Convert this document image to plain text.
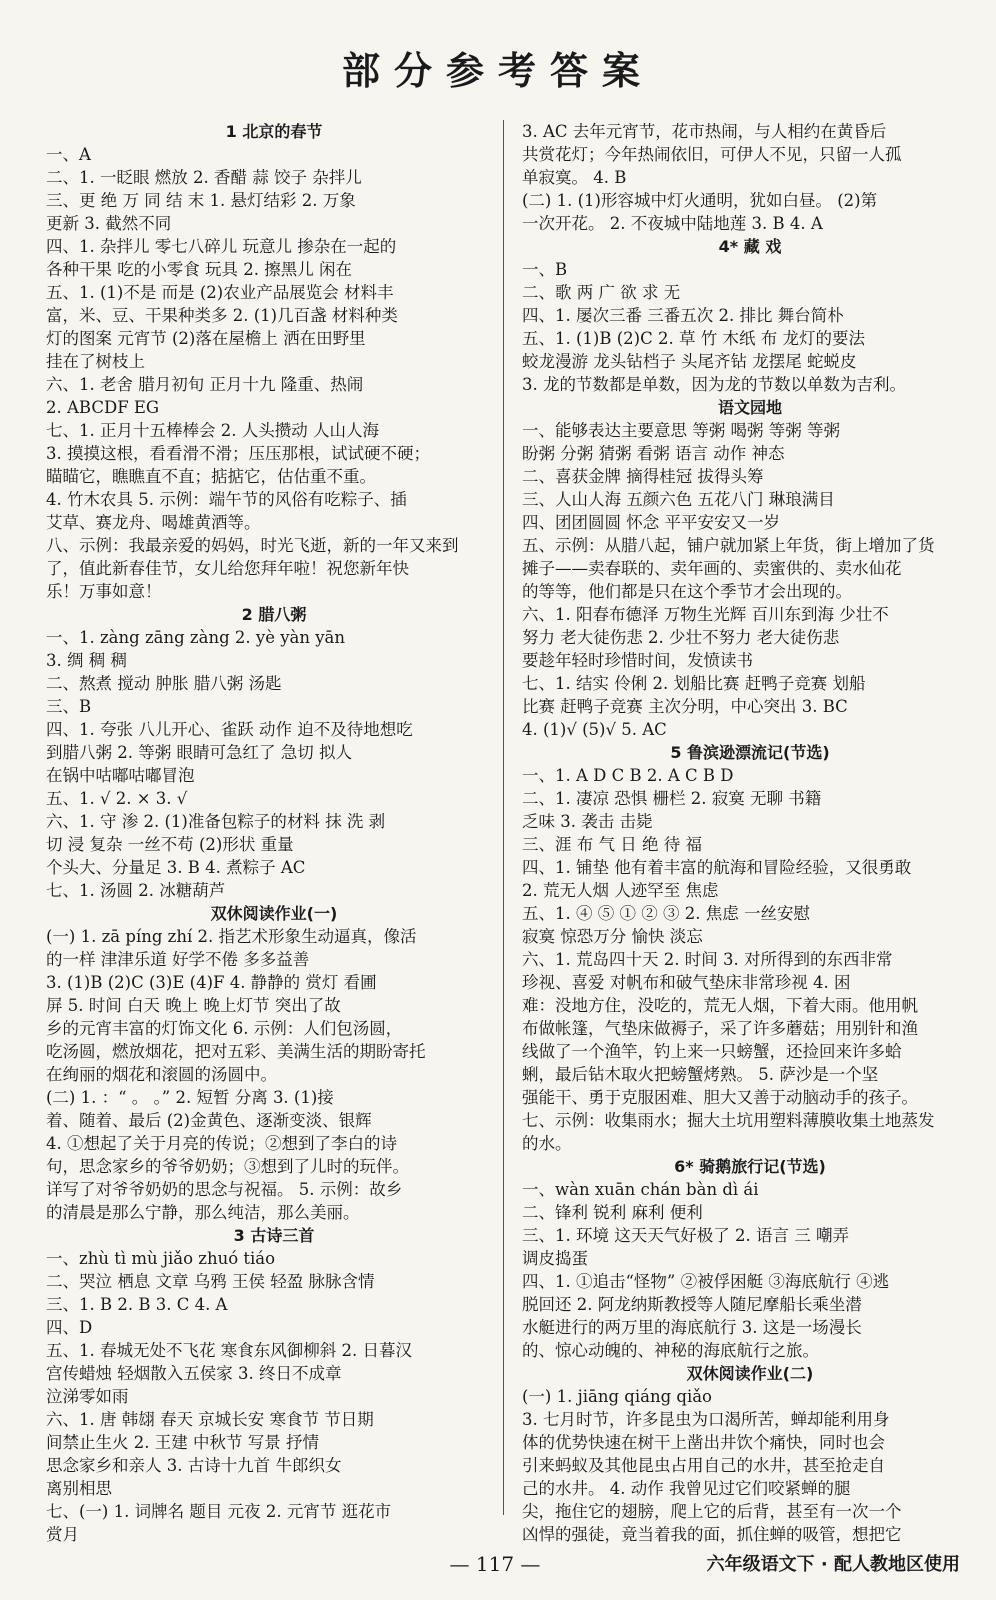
部分参考答案
1 北京的春节
一、A
二、1. 一眨眼 燃放 2. 香醋 蒜 饺子 杂拌儿
三、更 绝 万 同 结 末 1. 悬灯结彩 2. 万象
更新 3. 截然不同
四、1. 杂拌儿 零七八碎儿 玩意儿 掺杂在一起的
各种干果 吃的小零食 玩具 2. 擦黑儿 闲在
五、1. (1)不是 而是 (2)农业产品展览会 材料丰
富，米、豆、干果种类多 2. (1)几百盏 材料种类
灯的图案 元宵节 (2)落在屋檐上 洒在田野里
挂在了树枝上
六、1. 老舍 腊月初旬 正月十九 隆重、热闹
2. ABCDF EG
七、1. 正月十五棒棒会 2. 人头攒动 人山人海
3. 摸摸这根，看看滑不滑；压压那根，试试硬不硬；
瞄瞄它，瞧瞧直不直；掂掂它，估估重不重。
4. 竹木农具 5. 示例：端午节的风俗有吃粽子、插
艾草、赛龙舟、喝雄黄酒等。
八、示例：我最亲爱的妈妈，时光飞逝，新的一年又来到
了，值此新春佳节，女儿给您拜年啦！祝您新年快
乐！万事如意！
2 腊八粥
一、1. zàng zāng zàng 2. yè yàn yān
3. 绸 稠 稠
二、熬煮 搅动 肿胀 腊八粥 汤匙
三、B
四、1. 夸张 八儿开心、雀跃 动作 迫不及待地想吃
到腊八粥 2. 等粥 眼睛可急红了 急切 拟人
在锅中咕嘟咕嘟冒泡
五、1. √ 2. × 3. √
六、1. 守 渗 2. (1)准备包粽子的材料 抹 洗 剥
切 浸 复杂 一丝不苟 (2)形状 重量
个头大、分量足 3. B 4. 煮粽子 AC
七、1. 汤圆 2. 冰糖葫芦
双休阅读作业(一)
(一) 1. zā píng zhí 2. 指艺术形象生动逼真，像活
的一样 津津乐道 好学不倦 多多益善
3. (1)B (2)C (3)E (4)F 4. 静静的 赏灯 看圃
屏 5. 时间 白天 晚上 晚上灯节 突出了故
乡的元宵丰富的灯饰文化 6. 示例：人们包汤圆，
吃汤圆，燃放烟花，把对五彩、美满生活的期盼寄托
在绚丽的烟花和滚圆的汤圆中。
(二) 1. ：“ 。 。” 2. 短暂 分离 3. (1)接
着、随着、最后 (2)金黄色、逐渐变淡、银辉
4. ①想起了关于月亮的传说；②想到了李白的诗
句，思念家乡的爷爷奶奶；③想到了儿时的玩伴。
详写了对爷爷奶奶的思念与祝福。 5. 示例：故乡
的清晨是那么宁静，那么纯洁，那么美丽。
3 古诗三首
一、zhù tì mù jiǎo zhuó tiáo
二、哭泣 栖息 文章 乌鸦 王侯 轻盈 脉脉含情
三、1. B 2. B 3. C 4. A
四、D
五、1. 春城无处不飞花 寒食东风御柳斜 2. 日暮汉
宫传蜡烛 轻烟散入五侯家 3. 终日不成章
泣涕零如雨
六、1. 唐 韩翃 春天 京城长安 寒食节 节日期
间禁止生火 2. 王建 中秋节 写景 抒情
思念家乡和亲人 3. 古诗十九首 牛郎织女
离别相思
七、(一) 1. 词牌名 题目 元夜 2. 元宵节 逛花市
赏月
3. AC 去年元宵节，花市热闹，与人相约在黄昏后
共赏花灯；今年热闹依旧，可伊人不见，只留一人孤
单寂寞。 4. B
(二) 1. (1)形容城中灯火通明，犹如白昼。 (2)第
一次开花。 2. 不夜城中陆地莲 3. B 4. A
4* 藏 戏
一、B
二、歌 两 广 欲 求 无
四、1. 屡次三番 三番五次 2. 排比 舞台简朴
五、1. (1)B (2)C 2. 草 竹 木纸 布 龙灯的要法
蛟龙漫游 龙头钻档子 头尾齐钻 龙摆尾 蛇蜕皮
3. 龙的节数都是单数，因为龙的节数以单数为吉利。
语文园地
一、能够表达主要意思 等粥 喝粥 等粥 等粥
盼粥 分粥 猜粥 看粥 语言 动作 神态
二、喜获金牌 摘得桂冠 拔得头筹
三、人山人海 五颜六色 五花八门 琳琅满目
四、团团圆圆 怀念 平平安安又一岁
五、示例：从腊八起，铺户就加紧上年货，街上增加了货
摊子——卖春联的、卖年画的、卖蜜供的、卖水仙花
的等等，他们都是只在这个季节才会出现的。
六、1. 阳春布德泽 万物生光辉 百川东到海 少壮不
努力 老大徒伤悲 2. 少壮不努力 老大徒伤悲
要趁年轻时珍惜时间，发愤读书
七、1. 结实 伶俐 2. 划船比赛 赶鸭子竞赛 划船
比赛 赶鸭子竞赛 主次分明，中心突出 3. BC
4. (1)√ (5)√ 5. AC
5 鲁滨逊漂流记(节选)
一、1. A D C B 2. A C B D
二、1. 凄凉 恐惧 栅栏 2. 寂寞 无聊 书籍
乏味 3. 袭击 击毙
三、涯 布 气 日 绝 待 福
四、1. 铺垫 他有着丰富的航海和冒险经验，又很勇敢
2. 荒无人烟 人迹罕至 焦虑
五、1. ④ ⑤ ① ② ③ 2. 焦虑 一丝安慰
寂寞 惊恐万分 愉快 淡忘
六、1. 荒岛四十天 2. 时间 3. 对所得到的东西非常
珍视、喜爱 对帆布和破气垫床非常珍视 4. 困
难：没地方住，没吃的，荒无人烟，下着大雨。他用帆
布做帐篷，气垫床做褥子，采了许多蘑菇；用别针和渔
线做了一个渔竿，钓上来一只螃蟹，还捡回来许多蛤
蜊，最后钻木取火把螃蟹烤熟。 5. 萨沙是一个坚
强能干、勇于克服困难、胆大又善于动脑动手的孩子。
七、示例：收集雨水；掘大土坑用塑料薄膜收集土地蒸发
的水。
6* 骑鹅旅行记(节选)
一、wàn xuān chán bàn dì ái
二、锋利 锐利 麻利 便利
三、1. 环境 这天天气好极了 2. 语言 三 嘲弄
调皮捣蛋
四、1. ①追击“怪物” ②被俘困艇 ③海底航行 ④逃
脱回还 2. 阿龙纳斯教授等人随尼摩船长乘坐潜
水艇进行的两万里的海底航行 3. 这是一场漫长
的、惊心动魄的、神秘的海底航行之旅。
双休阅读作业(二)
(一) 1. jiāng qiáng qiǎo
3. 七月时节，许多昆虫为口渴所苦，蝉却能利用身
体的优势快速在树干上凿出井饮个痛快，同时也会
引来蚂蚁及其他昆虫占用自己的水井，甚至抢走自
己的水井。 4. 动作 我曾见过它们咬紧蝉的腿
尖，拖住它的翅膀，爬上它的后背，甚至有一次一个
凶悍的强徒，竟当着我的面，抓住蝉的吸管，想把它
— 117 —	六年级语文下 · 配人教地区使用
